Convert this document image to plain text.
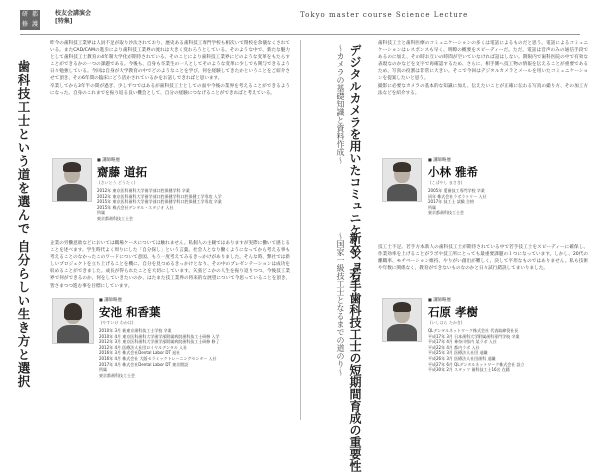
研 都
修 護
校友会講演会
[特集]
Tokyo master course Science Lecture
歯科技工士という道を選んで
昨今の歯科技工業界は人員不足が取り沙汰されており、歴史ある歯科技工専門学校も相次いで閉校を余儀なくされている。またCAD/CAMの進歩により歯科技工業界の流れは大きく変わろうとしている。そのような中で、新たな魅力として歯科技工士教育の4年制大学化が期待されている。そのことにより歯科技工業界にどのような変革をもたらすことができるかの一つの課題である。今後も、自身も卒業生の一人としてそのような変革に少しでも関与できるよう日々勉強している。今回は自身が大学教育の中でどのようなことを学び、何を経験してきたかということをご紹介させて頂き、その6年間の臨床にどう活かされているかをお話しできればと思います。
卒業してから3年半の間が過ぎ、少しずつではあるが歯科技工士としての面や今後の業界を考えることができるようになった。自身のこれまでを振り返る良い機会として、自分の経験につなげることができればと考えている。
■ 講師略歴
齋藤 道拓
(さいとう どうたく)
2012年 東京医科歯科大学歯学部口腔保健学科 卒業
2012年 東京医科歯科大学歯学部口腔保健学科口腔保健工学専攻 入学
2015年 東京医科歯科大学歯学部口腔保健学科口腔保健工学専攻 卒業
2015年 株式会社デンタル・スタジオ 入社
所属
東京都歯科技工士会
自分らしい生き方と選択	企業の労働意欲などにおいては職場ケースについては触れません。私個人の主観ではありますが実際に働いて感じることを述べます。学生時代よく周りにした「自分探し」という言葉。社会人となり働くようになってから考える事も考えることのなかったこのワードについて意図、もう一度考えてみるきっかけがありました。そんな時、弊社では新しいプロジェクトを立ち上げることを機に、自分を見つめるきっかけとなり、その中のプレゼンテーションは成功を収めることができました。成長が得られたことを大切にしています。矢張どこかの人生を振り返りつつ、今後技工業界で何ができるのか、何をしていきたいのか、はたまた技工業界の将来的な展望について今思っていることを頂き、皆さまつつ進む事を目標にしています。
■ 講師略歴
安池 和香葉
(やすいけ わかは)
2010年 3月 新東京歯科技工士学校 卒業
2010年 4月 東京医科歯科大学歯学部附属病院歯科技工士研修 入学
2012年 3月 東京医科歯科大学歯学部附属病院歯科技工士研修 修了
2012年 4月 医療法人社団ロイヤルデンタル 入社
2016年 3月 株式会社Dental Labor DT 退社
2016年 4月 株式会社 大阪セラミックトレーニングセンター 入社
2017年 4月 株式会社Dental Labor DT 東京開設
所属
東京都歯科技工士会
デジタルカメラを用いたコミュニケーション
〜カメラの基礎知識と資料作成〜
歯科技工士と歯科医療のコミュニケーションの多くは電話によるものだと思う。電話によるコミュニケーションはレスポンスも早く、明瞭の概要をスピーディーだ。ただ、電話は音声のみの通信手段であるのに加え、その時お互いの時間が空いていなければ話はしない。期限内で歯科医院の中で有効な表現なのかなどを文字で再確認するため、さらに、相手側へ技工物の情報を伝えることが重要であるため、写真の役割は非常に大きい。そこで今回はデジタルカメラとメールを用いたコミュニケーションを提案したいと思う。
撮影に必要なカメラの基本的な知識に加え、伝えたいことが正確に伝わる写真の撮り方、その加工方法などを紹介する。
■ 講師略歴
小林 雅希
(こばやし まさき)
2005年 愛歯技工専門学校 卒業
同年 株式会社ラボラトリー 入社
2017年 技工士 試験 合格
所属
東京都歯科技工士会
新卒、若手歯科技工士の短期間育成の重要性
〜国家一級技工士となるまでの道のり〜	技工士不足。若手方本新人の歯科技工士が期待されている中で若手技工士をスピーディーに確保し、作業効率を上げることがラボや技工所にとっても最重要課題の１つになっています。しかし、20代の離職率、モチベーション維持、やりがい創出が難しく、決して平坦なものではありません。私も技術や年数に関係なく、教育ができないものなのかと日々試行錯誤してまいりました。
■ 講師略歴
石原 孝樹
(いしはら たかき)
QLデンタルネットワーク株式会社 代表取締役社長
平成17年 3月 日本歯科大学附属歯科専門学校 卒業
平成17年 4月 神奈川県内 某ラボ 入社
平成22年 4月 都内ラボ 入社
平成25年 3月 医療法人社団 退職
平成26年 3月 医療法人社団歯科 退職
平成27年 6月 QLデンタルネットワーク株式会社 設立
平成30年 2月 スタッフ 歯科技工士16名 在籍
